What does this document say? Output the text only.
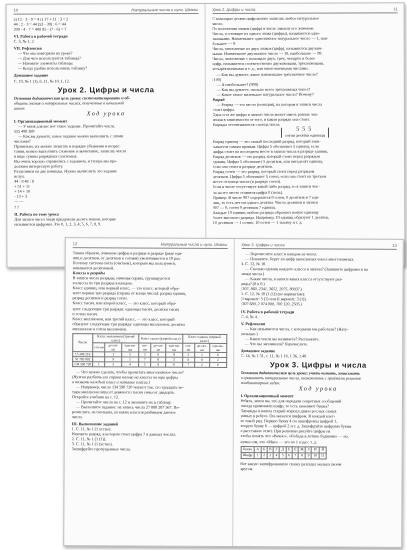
10	Натуральные числа и нули. Шкалы
а) 12 · 3 - 9 = 4 г) 17 + 11 : 3 = 2
44 : 2 · 3 = 44 (53 - 39) : 6 = 44
200 - 4 · 7 = 400 85 - (7 - 6) = 7
VI. Работа в рабочей тетради
С. 3, № 1, 2.
VII. Рефлексия
— Что мы повторяли на уроке?
— Для чего используются таблицы?
— Назовите элементы таблицы.
— Когда удобно использовать таблицу?
Домашнее задание
С. 10, № 1 (1), 6, 11, № 10, 1, 12.
Урок 2. Цифры и числа
Основная дидактическая цель урока: систематизировать и об-
общить знания о натуральных числах, полученные в начальной
школе.
Ход урока
I. Организационный момент
— У меня для вас вот такое задание. Прочитайте числа.
555 498 389
— Как вы думаете, какое задание можно выполнить с этими
числами?
Правильно, их можно записать в порядке убывания и возрас-
тания, можно выполнить сложение и вычитание, записать числа
в виде суммы разрядных слагаемых.
Вы очень хорошо справились с заданием, и теперь мы про-
должим интересную работу.
Разделимся на две команды. Нужно вычислить это задание
вслух.
44 : 8 48 : 8
+ 51 + 11
+ 14 + 10
- 13 + 3
--- ---
? ?
II. Работа по теме урока
Для записи чисел люди придумали десять знаков, которые
называются цифрами. Это 0, 1, 2, 3, 4, 5, 6, 7, 8, 9.
Урок 2. Цифры и числа	11
С помощью десяти цифр можно записать любое натуральное
число.
От положения знаков (цифр) в числе зависит его значение.
Числа, состоящие из одного знака (цифры), называются одно-
значными. Наименьшее однозначное натуральное число — 1, наи-
большее — 9.
Числа, записанные из двух знаков (цифр), называются двузнач-
ными. Наименьшее двузначное число — 10, наибольшее — 99.
Числа, записанные с помощью двух, трёх, четырёх и более
цифр, называются соответственно двузначными, трёхзначными,
четырёхзначными и т. д., или многозначными числами.
— Как вы думаете, какое наименьшее трёхзначное число?
(100)
— А наибольшее? (999)
— Как вы думаете, сколько всего трёхзначных чисел?
— Какое самое маленькое натуральное число? Почему?
Разряд
— Разряд — это место (позиция), на котором в записи числа
стоит цифра.
Одна и та же цифра в записи числа может иметь разные зна-
чения в зависимости от того, в каком разряде она стоит.
Разряды отсчитываются с конца числа.
555
сотни десятки единицы
Разряд единиц — это самый последний разряд, который запи-
сывается самым правым. Цифра 5 обозначает 5 единиц, если
цифра стоит на последнем месте в записи числа в разряде единиц.
Разряд десятков — это разряд, который стоит перед разрядом
единиц. Цифра 5 обозначает 5 десятков, или пятьдесят единиц,
если она стоит в разряде десятков.
Разряд сотен — это разряд, который стоит перед разрядом
десятков. Цифра 5 обозначает 5 сотен, если она стоит на третьем
месте от конца числа (в разряде сотен).
Если в числе отсутствует какой-либо разряд, то в записи чис-
ла на его место ставится цифра 0 (ноль).
Пример. В числе 907 содержится 9 сотен, 0 десятков и 7 еди-
ниц, то есть нет ни одного десятка. Число десятков в записи
907 — 0, сотен 9 десятков 7 единиц.
Каждые 10 единиц любого разряда образуют новую единицу
более высокого разряда. Например, 10 единиц образуют 1 десяток,
10 десятков — 1 сотню, 10 сотен — 1 тысячу и т. д.
12	Натуральные числа и нули. Шкалы
Таким образом, значение цифры в разряде в разряде (ряде еди-
ниц и десятков, от десятков к сотням) увеличивается в 10 раз.
Поэтому система счёта (считаем), которым мы пользуемся,
называется десятичной.
Классы и разряды
В записи числа разряды, начиная справа, группируются
в классы по три разряда в каждом.
Класс единиц, или первый класс, — это класс, который обра-
зуют первые три разряда (справа от конца числа): разряд единиц,
разряд десятков и разряд сотен.
Класс тысяч, или второй класс, — это класс, который обра-
зуют следующие три разряда: единицы тысяч, десятки тысяч
и сотни тысяч.
Класс миллионов, или третий класс, — это класс, который
образуют следующие три разряда: единицы миллионов, десятки
миллионов и сотни миллионов.
Число	Класс миллионов (третий класс)			Класс тысяч (второй класс)			Класс единиц (первый класс)		
	сот-ни	де-сят-ки	еди-ни-цы	сот-ни	де-сят-ки	еди-ни-цы	сот-ни	де-сят-ки	еди-ни-цы
15 308 216		1	5	3	0	8	2	1	6
91 783 002		9	1	7	8	3	0	0	2
134 590 720	1	3	4	5	9	0	7	2	0
— Что нужно сделать, чтобы прочитать многозначное число?
(Нужно разбить его справа налево на классы по три цифры
и назвать каждый класс и название класса.)
— Например, число 134 590 720 читают так: сто тридцать че-
тыре миллиона пятьсот девяносто тысяч семьсот двадцать.
Откройте учебник на с. 12.
— Прочитайте числа на с. 12 и запишите их в таблицу.
— Выполните задание: на запись числа 27 000 207 567. Пе-
речислите, из скольких, из каких классов разбиваем данное
число.
III. Выполнение заданий
1. С. 11, № 1 (1 устно).
Назовите разряд, в котором стоит цифра 7 в данных числах.
2. С. 11, № 1 (1 (1)).
3. С. 11, № 1 (1 (устно).
Зашифруйте пропущенные числа.
Урок 3. Цифры и числа	13
— Перечислите класс в каждом из чисел.
— Покажите, берут ли цифр записанных чисел многозначных.
4. С. 12, № 10.
— Сколько единиц каждого класса в записи? (Запишите цифрами и на
знаки числа.)
— Какие числа, в записи каких класса отсутствуют раз-
ряды? (0 и 0.)
(307, 860, 2341, 3652, 2075, 80037.)
5. С. 12, № 10 (1 (1)) (по вариантам):
(I вариант: 3 (1) или II вариант: 3 (1)).
(307 680, 2 074 000, 700 120, 2505.)
IV. Работа в рабочей тетради
С. 4, № 4.
V. Рефлексия
— Как называются числа, с которыми мы работали? (Нату-
ральные.)
— Какие числа вы называете? Расскажите.
— Что вы запомнили? Перечислите.
Домашнее задание
С. 14, № 1 31, с. 11, № 1 16, 1.36, 1.40.
Урок 3. Цифры и числа
Основная дидактическая цель урока: учить читать, записывать
и сравнивать натуральные числа, познакомить с приёмами решения
комбинаторных задач.
Ход урока
I. Организационный момент
Ребята, зачем вы, что для передачи секретных сообщений
иногда применяли шифр, то есть заменяют буквы?
Однажды я нашла старый журнал давно рослых самых
умных в ребусе. Он оказался шифром. В каждой клет-
ке такой ряд. Первую букву 4 он зашифровал цифрой 1,
вторую букву 6 — цифрой 2 и т. д. Зашифруйте цифрами буквы
и расставьте ответ. При решении рисуйте цифры на
чтобы понять что «Вечно», «Победа в летние будними» — но,
нужно им, что «Мне» — это по 1 года с т. д.
Буква	А	Б	В	Г	Д	Е	Ё	Ж	З	И	Й
Шифр	1	2	3	4	5	6	7	8	9	10	11
Вот какую зашифрованную сказку разгадал малыш своим
другом.
